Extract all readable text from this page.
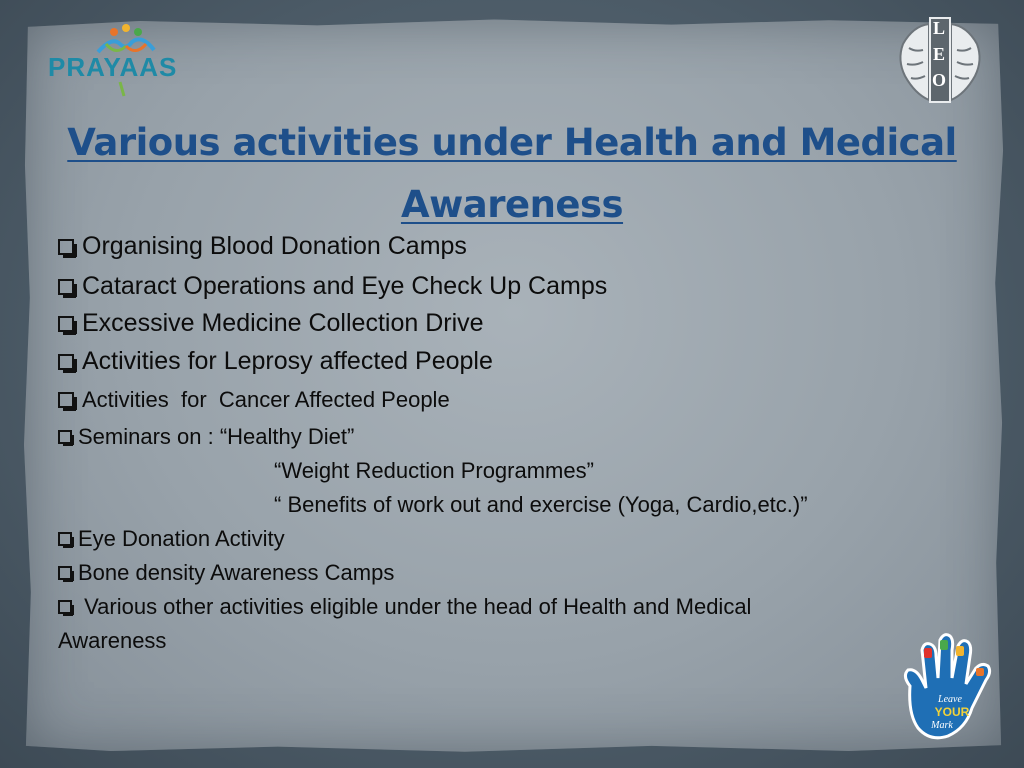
PRAYAAS
L
E
O
Various activities under Health and Medical Awareness
Organising Blood Donation Camps
Cataract Operations and Eye Check Up Camps
Excessive Medicine Collection Drive
Activities for Leprosy affected People
Activities  for  Cancer Affected People
Seminars on : “Healthy Diet”
“Weight Reduction Programmes”
“ Benefits of work out and exercise (Yoga, Cardio,etc.)”
Eye Donation Activity
Bone density Awareness Camps
Various other activities eligible under the head of Health and Medical
Awareness
Leave
YOUR
Mark
